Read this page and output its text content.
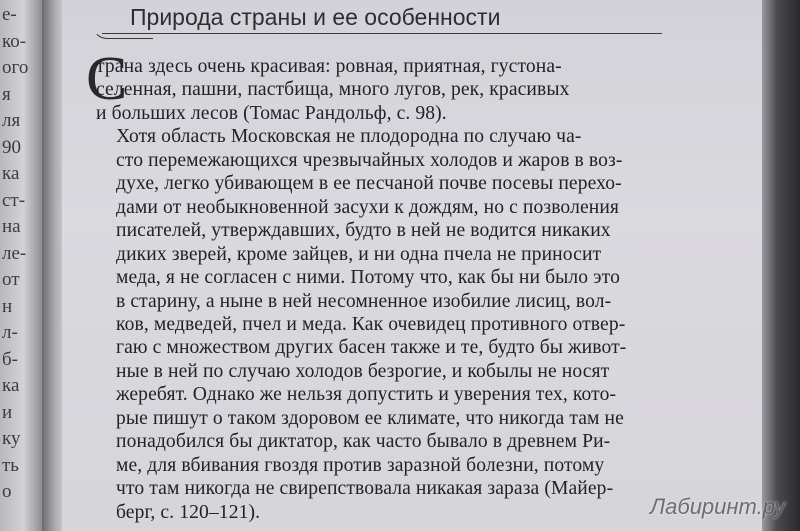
е-
ко-
ого
я
ля
90
ка
ст-
на
ле-
от
н
л-
б-
ка
и
ку
ть
о
Природа страны и ее особенности
С
трана здесь очень красивая: ровная, приятная, густона-
селенная, пашни, пастбища, много лугов, рек, красивых
и больших лесов (Томас Рандольф, с. 98).
Хотя область Московская не плодородна по случаю ча-
сто перемежающихся чрезвычайных холодов и жаров в воз-
духе, легко убивающем в ее песчаной почве посевы перехо-
дами от необыкновенной засухи к дождям, но с позволения
писателей, утверждавших, будто в ней не водится никаких
диких зверей, кроме зайцев, и ни одна пчела не приносит
меда, я не согласен с ними. Потому что, как бы ни было это
в старину, а ныне в ней несомненное изобилие лисиц, вол-
ков, медведей, пчел и меда. Как очевидец противного отвер-
гаю с множеством других басен также и те, будто бы живот-
ные в ней по случаю холодов безрогие, и кобылы не носят
жеребят. Однако же нельзя допустить и уверения тех, кото-
рые пишут о таком здоровом ее климате, что никогда там не
понадобился бы диктатор, как часто бывало в древнем Ри-
ме, для вбивания гвоздя против заразной болезни, потому
что там никогда не свирепствовала никакая зараза (Майер-
берг, с. 120–121).	Лабиринт.ру
